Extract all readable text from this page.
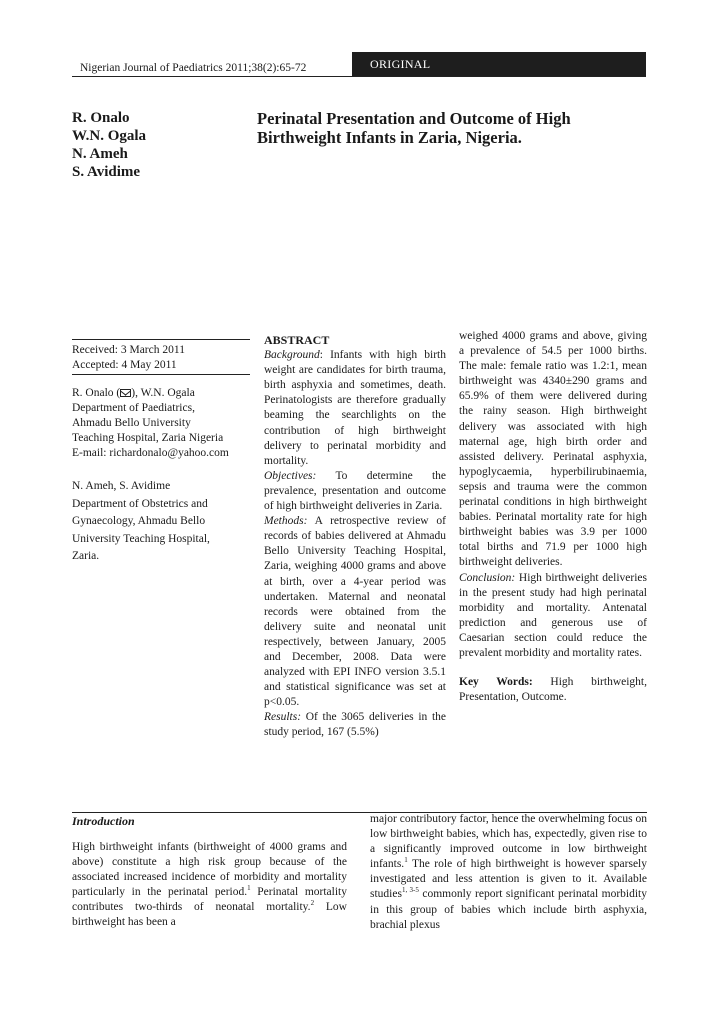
Nigerian Journal of Paediatrics 2011;38(2):65-72	ORIGINAL
R. Onalo
W.N. Ogala
N. Ameh
S. Avidime
Perinatal Presentation and Outcome of High
Birthweight Infants in Zaria, Nigeria.
Received: 3 March 2011
Accepted: 4 May 2011
R. Onalo ( ), W.N. Ogala
Department of Paediatrics,
Ahmadu Bello University
Teaching Hospital, Zaria Nigeria
E-mail: richardonalo@yahoo.com
N. Ameh, S. Avidime
Department of Obstetrics and
Gynaecology, Ahmadu Bello
University Teaching Hospital,
Zaria.
ABSTRACT

Background: Infants with high birth weight are candidates for birth trauma, birth asphyxia and sometimes, death. Perinatologists are therefore gradually beaming the searchlights on the contribution of high birthweight delivery to perinatal morbidity and mortality.

Objectives: To determine the prevalence, presentation and outcome of high birthweight deliveries in Zaria.

Methods: A retrospective review of records of babies delivered at Ahmadu Bello University Teaching Hospital, Zaria, weighing 4000 grams and above at birth, over a 4-year period was undertaken. Maternal and neonatal records were obtained from the delivery suite and neonatal unit respectively, between January, 2005 and December, 2008. Data were analyzed with EPI INFO version 3.5.1 and statistical significance was set at p<0.05.

Results: Of the 3065 deliveries in the study period, 167 (5.5%)

weighed 4000 grams and above, giving a prevalence of 54.5 per 1000 births. The male: female ratio was 1.2:1, mean birthweight was 4340±290 grams and 65.9% of them were delivered during the rainy season. High birthweight delivery was associated with high maternal age, high birth order and assisted delivery. Perinatal asphyxia, hypoglycaemia, hyperbilirubinaemia, sepsis and trauma were the common perinatal conditions in high birthweight babies. Perinatal mortality rate for high birthweight babies was 3.9 per 1000 total births and 71.9 per 1000 high birthweight deliveries.

Conclusion: High birthweight deliveries in the present study had high perinatal morbidity and mortality. Antenatal prediction and generous use of Caesarian section could reduce the prevalent morbidity and mortality rates.

Key Words: High birthweight, Presentation, Outcome.

Introduction

High birthweight infants (birthweight of 4000 grams and above) constitute a high risk group because of the associated increased incidence of morbidity and mortality particularly in the perinatal period.$^1$ Perinatal mortality contributes two-thirds of neonatal mortality.$^2$ Low birthweight has been a

major contributory factor, hence the overwhelming focus on low birthweight babies, which has, expectedly, given rise to a significantly improved outcome in low birthweight infants.$^1$ The role of high birthweight is however sparsely investigated and less attention is given to it. Available studies$^{1, 3-5}$ commonly report significant perinatal morbidity in this group of babies which include birth asphyxia, brachial plexus
